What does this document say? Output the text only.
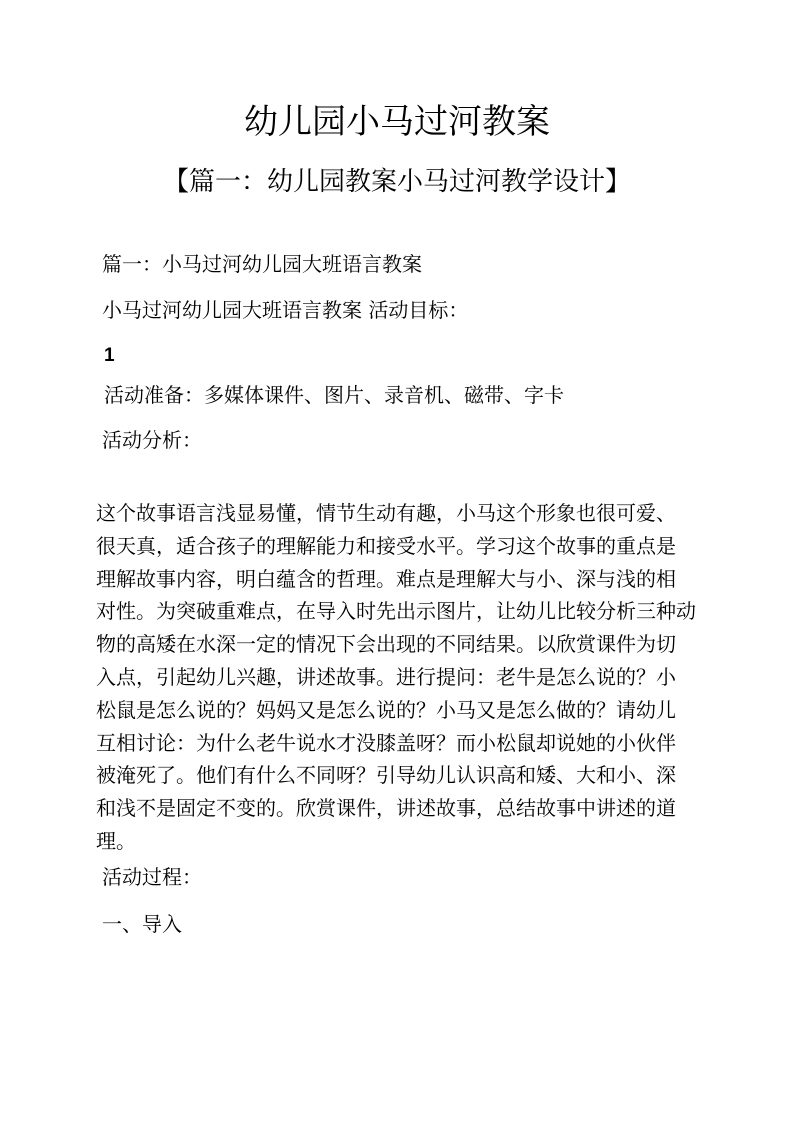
幼儿园小马过河教案
【篇一：幼儿园教案小马过河教学设计】

篇一：小马过河幼儿园大班语言教案

小马过河幼儿园大班语言教案 活动目标：

1

活动准备：多媒体课件、图片、录音机、磁带、字卡

活动分析：

这个故事语言浅显易懂，情节生动有趣，小马这个形象也很可爱、
很天真，适合孩子的理解能力和接受水平。学习这个故事的重点是
理解故事内容，明白蕴含的哲理。难点是理解大与小、深与浅的相
对性。为突破重难点，在导入时先出示图片，让幼儿比较分析三种动
物的高矮在水深一定的情况下会出现的不同结果。以欣赏课件为切
入点，引起幼儿兴趣，讲述故事。进行提问：老牛是怎么说的？小
松鼠是怎么说的？妈妈又是怎么说的？小马又是怎么做的？请幼儿
互相讨论：为什么老牛说水才没膝盖呀？而小松鼠却说她的小伙伴
被淹死了。他们有什么不同呀？引导幼儿认识高和矮、大和小、深
和浅不是固定不变的。欣赏课件，讲述故事，总结故事中讲述的道
理。

活动过程：

一、导入
